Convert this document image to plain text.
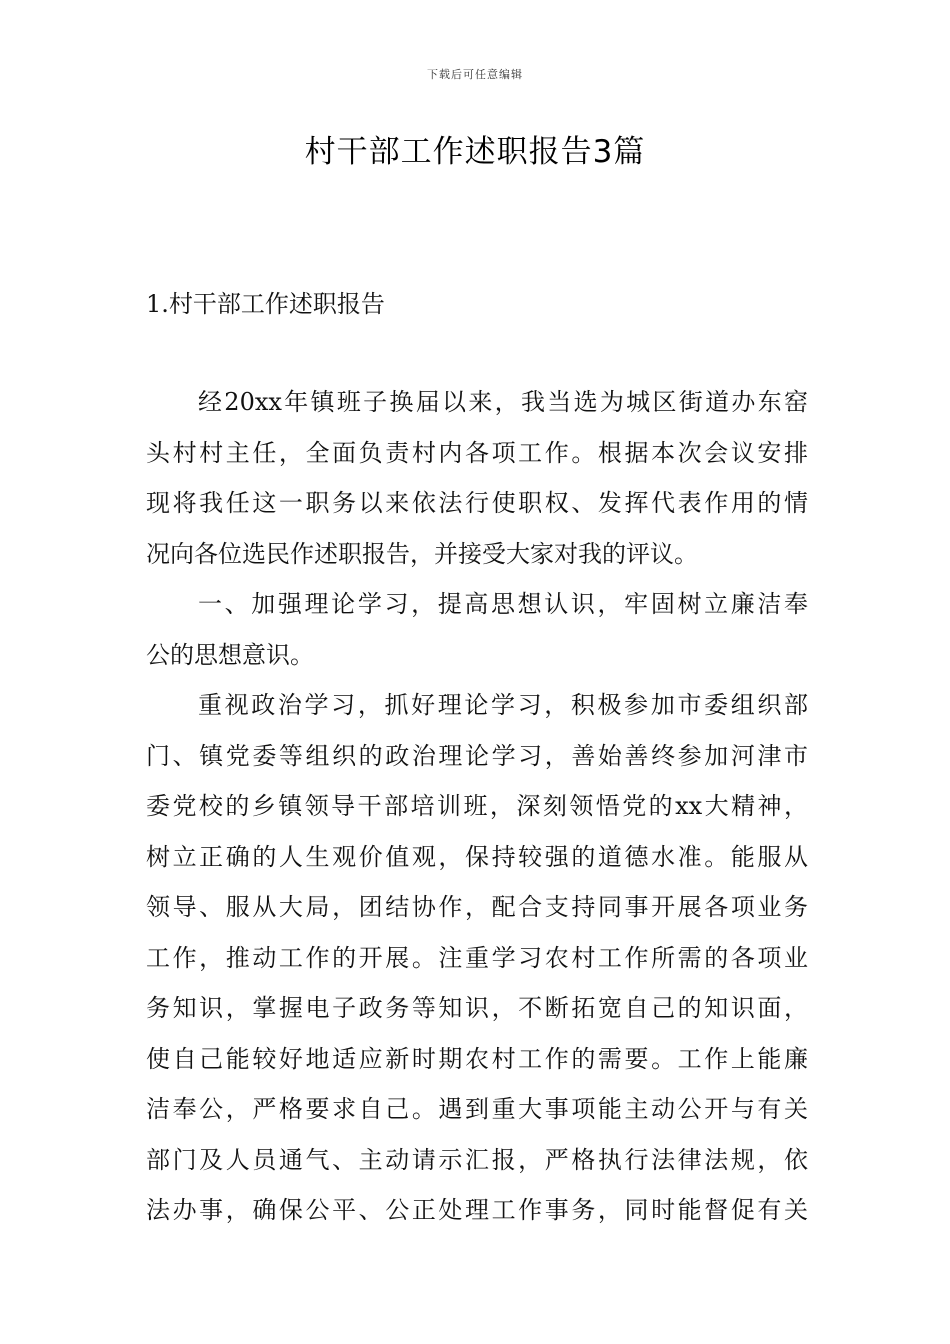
下载后可任意编辑
村干部工作述职报告3篇
1.村干部工作述职报告
经20xx年镇班子换届以来，我当选为城区街道办东窑
头村村主任，全面负责村内各项工作。根据本次会议安排
现将我任这一职务以来依法行使职权、发挥代表作用的情
况向各位选民作述职报告，并接受大家对我的评议。
一、加强理论学习，提高思想认识，牢固树立廉洁奉
公的思想意识。
重视政治学习，抓好理论学习，积极参加市委组织部
门、镇党委等组织的政治理论学习，善始善终参加河津市
委党校的乡镇领导干部培训班，深刻领悟党的xx大精神，
树立正确的人生观价值观，保持较强的道德水准。能服从
领导、服从大局，团结协作，配合支持同事开展各项业务
工作，推动工作的开展。注重学习农村工作所需的各项业
务知识，掌握电子政务等知识，不断拓宽自己的知识面，
使自己能较好地适应新时期农村工作的需要。工作上能廉
洁奉公，严格要求自己。遇到重大事项能主动公开与有关
部门及人员通气、主动请示汇报，严格执行法律法规，依
法办事，确保公平、公正处理工作事务，同时能督促有关
